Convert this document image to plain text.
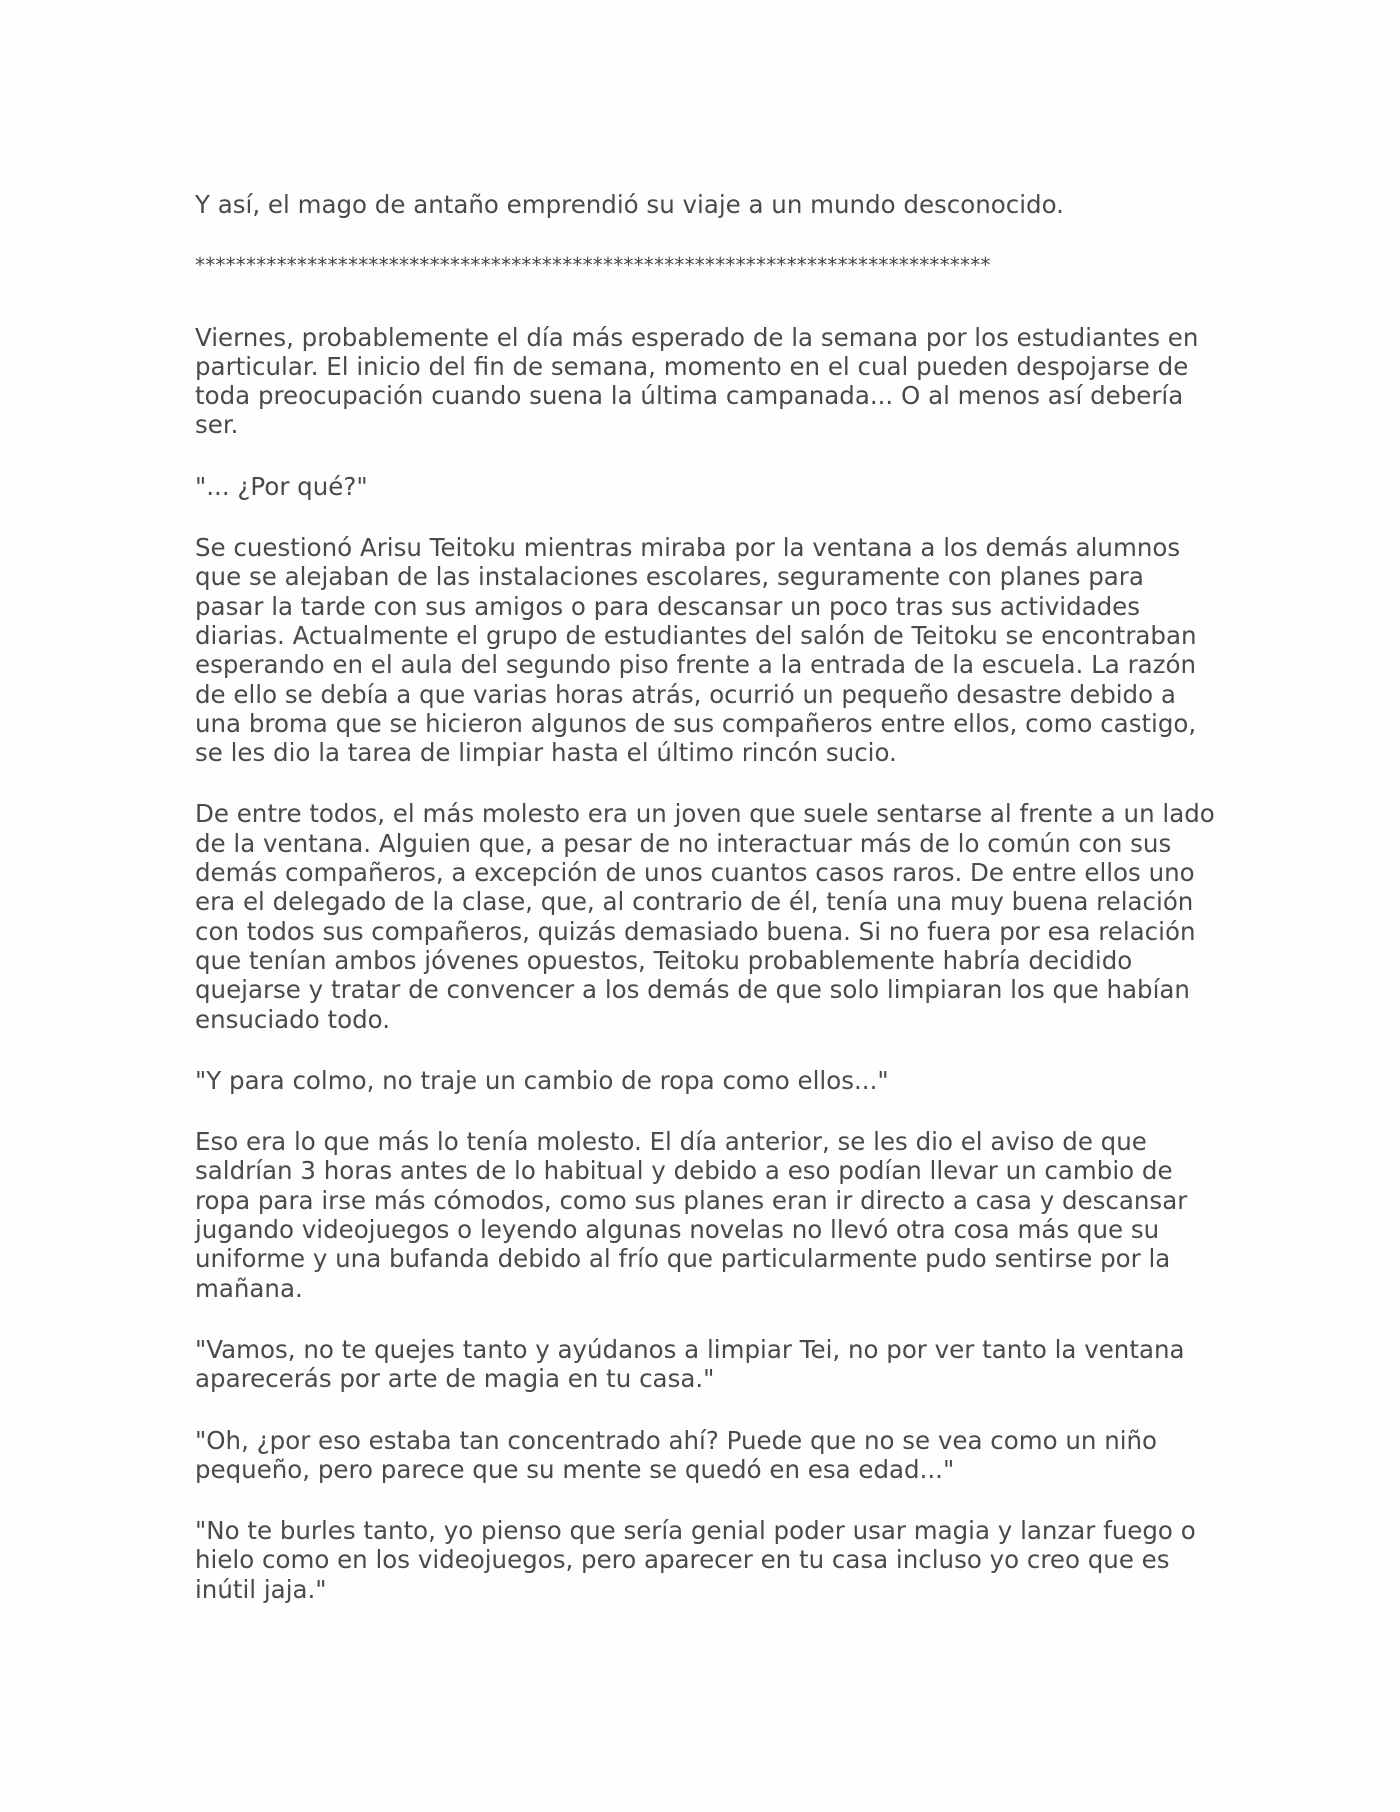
Y así, el mago de antaño emprendió su viaje a un mundo desconocido.

******************************************************************************

Viernes, probablemente el día más esperado de la semana por los estudiantes en particular. El inicio del fin de semana, momento en el cual pueden despojarse de toda preocupación cuando suena la última campanada... O al menos así debería ser.

"... ¿Por qué?"

Se cuestionó Arisu Teitoku mientras miraba por la ventana a los demás alumnos que se alejaban de las instalaciones escolares, seguramente con planes para pasar la tarde con sus amigos o para descansar un poco tras sus actividades diarias. Actualmente el grupo de estudiantes del salón de Teitoku se encontraban esperando en el aula del segundo piso frente a la entrada de la escuela. La razón de ello se debía a que varias horas atrás, ocurrió un pequeño desastre debido a una broma que se hicieron algunos de sus compañeros entre ellos, como castigo, se les dio la tarea de limpiar hasta el último rincón sucio.

De entre todos, el más molesto era un joven que suele sentarse al frente a un lado de la ventana. Alguien que, a pesar de no interactuar más de lo común con sus demás compañeros, a excepción de unos cuantos casos raros. De entre ellos uno era el delegado de la clase, que, al contrario de él, tenía una muy buena relación con todos sus compañeros, quizás demasiado buena. Si no fuera por esa relación que tenían ambos jóvenes opuestos, Teitoku probablemente habría decidido quejarse y tratar de convencer a los demás de que solo limpiaran los que habían ensuciado todo.

"Y para colmo, no traje un cambio de ropa como ellos..."

Eso era lo que más lo tenía molesto. El día anterior, se les dio el aviso de que saldrían 3 horas antes de lo habitual y debido a eso podían llevar un cambio de ropa para irse más cómodos, como sus planes eran ir directo a casa y descansar jugando videojuegos o leyendo algunas novelas no llevó otra cosa más que su uniforme y una bufanda debido al frío que particularmente pudo sentirse por la mañana.

"Vamos, no te quejes tanto y ayúdanos a limpiar Tei, no por ver tanto la ventana aparecerás por arte de magia en tu casa."

"Oh, ¿por eso estaba tan concentrado ahí? Puede que no se vea como un niño pequeño, pero parece que su mente se quedó en esa edad..."

"No te burles tanto, yo pienso que sería genial poder usar magia y lanzar fuego o hielo como en los videojuegos, pero aparecer en tu casa incluso yo creo que es inútil jaja."
